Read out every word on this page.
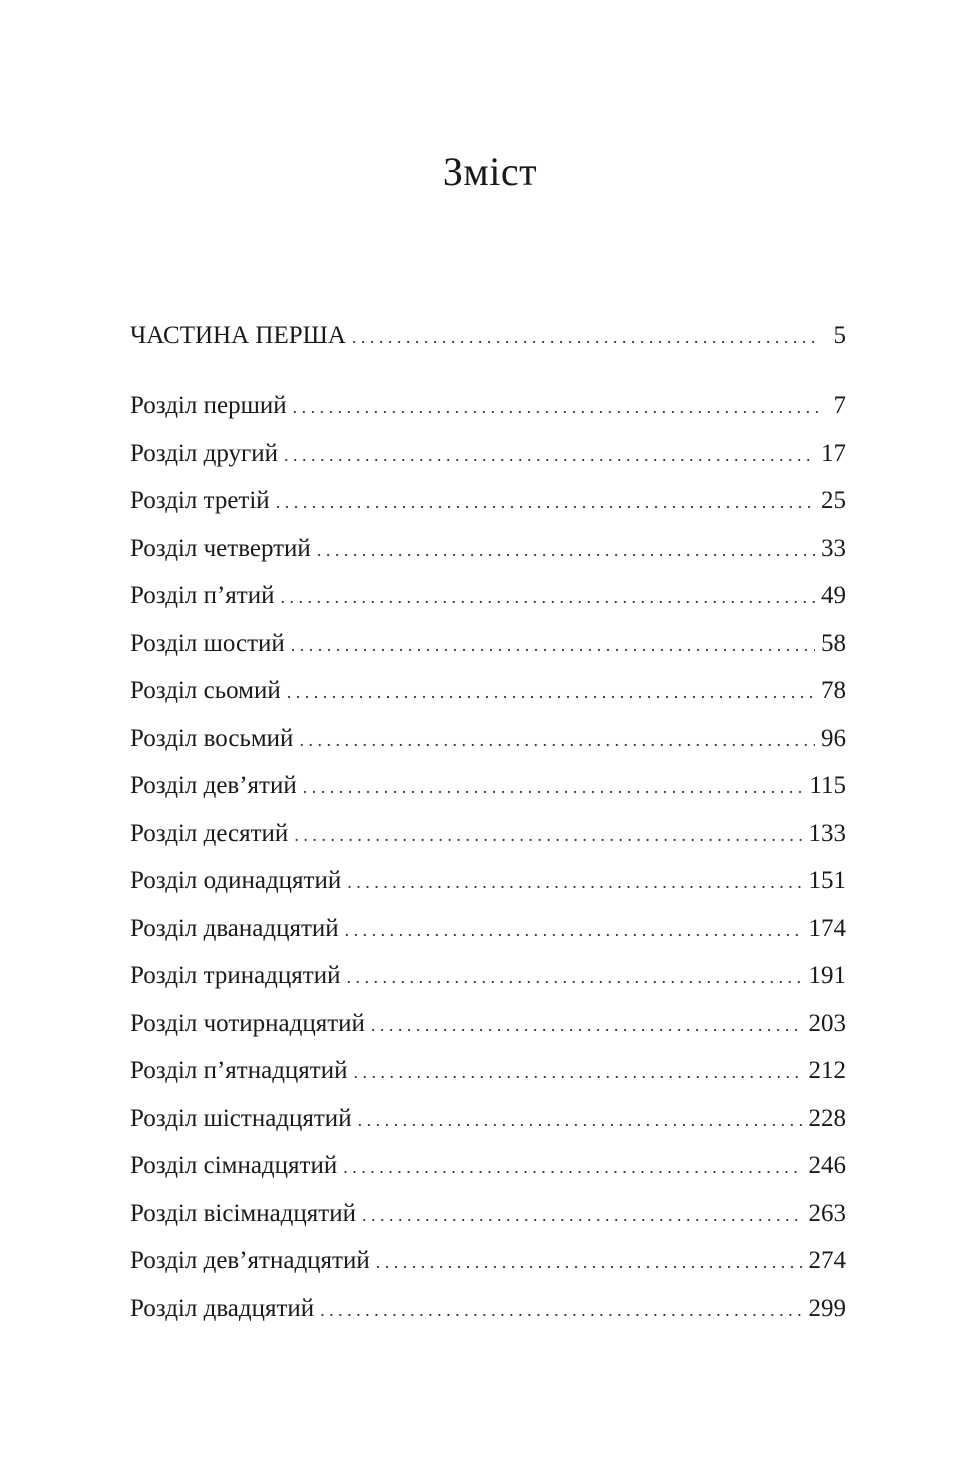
Зміст
ЧАСТИНА ПЕРША . . .	5
Розділ перший . . .	7
Розділ другий . . .	17
Розділ третій . . .	25
Розділ четвертий . . .	33
Розділ п’ятий . . .	49
Розділ шостий . . .	58
Розділ сьомий . . .	78
Розділ восьмий . . .	96
Розділ дев’ятий . . .	115
Розділ десятий . . .	133
Розділ одинадцятий . . .	151
Розділ дванадцятий . . .	174
Розділ тринадцятий . . .	191
Розділ чотирнадцятий . . .	203
Розділ п’ятнадцятий . . .	212
Розділ шістнадцятий . . .	228
Розділ сімнадцятий . . .	246
Розділ вісімнадцятий . . .	263
Розділ дев’ятнадцятий . . .	274
Розділ двадцятий . . .	299
